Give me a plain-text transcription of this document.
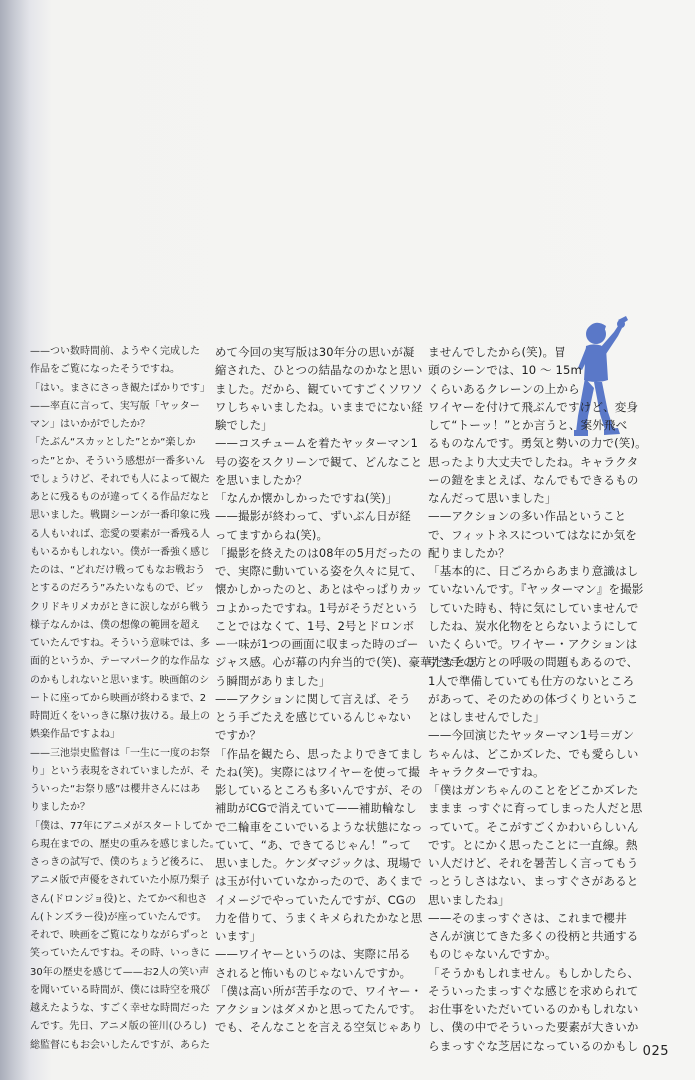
——つい数時間前、ようやく完成した

作品をご覧になったそうですね。

「はい。まさにさっき観たばかりです」

——率直に言って、実写版「ヤッター

マン」はいかがでしたか？

「たぶん“スカッとした”とか“楽しか

った”とか、そういう感想が一番多いん

でしょうけど、それでも人によって観た

あとに残るものが違ってくる作品だなと

思いました。戦闘シーンが一番印象に残

る人もいれば、恋愛の要素が一番残る人

もいるかもしれない。僕が一番強く感じ

たのは、“どれだけ戦ってもなお戦おう

とするのだろう”みたいなもので、ビッ

クリドキリメカがときに涙しながら戦う

様子なんかは、僕の想像の範囲を超え

ていたんですね。そういう意味では、多

面的というか、テーマパーク的な作品な

のかもしれないと思います。映画館のシ

ートに座ってから映画が終わるまで、2

時間近くをいっきに駆け抜ける。最上の

娯楽作品ですよね」

——三池崇史監督は「一生に一度のお祭

り」という表現をされていましたが、そ

ういった“お祭り感”は櫻井さんにはあ

りましたか？

「僕は、77年にアニメがスタートしてか

ら現在までの、歴史の重みを感じました。

さっきの試写で、僕のちょうど後ろに、

アニメ版で声優をされていた小原乃梨子

さん(ドロンジョ役)と、たてかべ和也さ

ん(トンズラー役)が座っていたんです。

それで、映画をご覧になりながらずっと

笑っていたんですね。その時、いっきに

30年の歴史を感じて——お2人の笑い声

を聞いている時間が、僕には時空を飛び

越えたような、すごく幸せな時間だった

んです。先日、アニメ版の笹川(ひろし)

総監督にもお会いしたんですが、あらた

めて今回の実写版は30年分の思いが凝

縮された、ひとつの結晶なのかなと思い

ました。だから、観ていてすごくソワソ

ワしちゃいましたね。いままでにない経

験でした」

——コスチュームを着たヤッターマン1

号の姿をスクリーンで観て、どんなこと

を思いましたか？

「なんか懐かしかったですね(笑)」

——撮影が終わって、ずいぶん日が経

ってますからね(笑)。

「撮影を終えたのは08年の5月だったの

で、実際に動いている姿を久々に見て、

懐かしかったのと、あとはやっぱりカッ

コよかったですね。1号がそうだという

ことではなくて、1号、2号とドロンボ

ー一味が1つの画面に収まった時のゴー

ジャス感。心が幕の内弁当的で(笑)、豪華だなと思

う瞬間がありました」

——アクションに関して言えば、そう

とう手ごたえを感じているんじゃない

ですか？

「作品を観たら、思ったよりできてまし

たね(笑)。実際にはワイヤーを使って撮

影しているところも多いんですが、その

補助がCGで消えていて——補助輪なし

で二輪車をこいでいるような状態になっ

ていて、“あ、できてるじゃん！”って

思いました。ケンダマジックは、現場で

は玉が付いていなかったので、あくまで

イメージでやっていたんですが、CGの

力を借りて、うまくキメられたかなと思

います」

——ワイヤーというのは、実際に吊る

されると怖いものじゃないんですか。

「僕は高い所が苦手なので、ワイヤー・

アクションはダメかと思ってたんです。

でも、そんなことを言える空気じゃあり

ませんでしたから(笑)。冒

頭のシーンでは、10 〜 15m

くらいあるクレーンの上から

ワイヤーを付けて飛ぶんですけど、変身

して“トーッ！”とか言うと、案外飛べ

るものなんです。勇気と勢いの力で(笑)。

思ったより大丈夫でしたね。キャラクタ

ーの鎧をまとえば、なんでもできるもの

なんだって思いました」

——アクションの多い作品ということ

で、フィットネスについてはなにか気を

配りましたか？

「基本的に、日ごろからあまり意識はし

ていないんです。『ヤッターマン』を撮影

していた時も、特に気にしていませんで

したね、炭水化物をとらないようにして

いたくらいで。ワイヤー・アクションは

引き手の方との呼吸の問題もあるので、

1人で準備していても仕方のないところ

があって、そのための体づくりというこ

とはしませんでした」

——今回演じたヤッターマン1号＝ガン

ちゃんは、どこかズレた、でも愛らしい

キャラクターですね。

「僕はガンちゃんのことをどこかズレた

ままま っすぐに育ってしまった人だと思

っていて。そこがすごくかわいらしいん

です。とにかく思ったことに一直線。熱

い人だけど、それを暑苦しく言ってもう

っとうしさはない、まっすぐさがあると

思いましたね」

——そのまっすぐさは、これまで櫻井

さんが演じてきた多くの役柄と共通する

ものじゃないんですか。

「そうかもしれません。もしかしたら、

そういったまっすぐな感じを求められて

お仕事をいただいているのかもしれない

し、僕の中でそういった要素が大きいか

らまっすぐな芝居になっているのかもし 025
